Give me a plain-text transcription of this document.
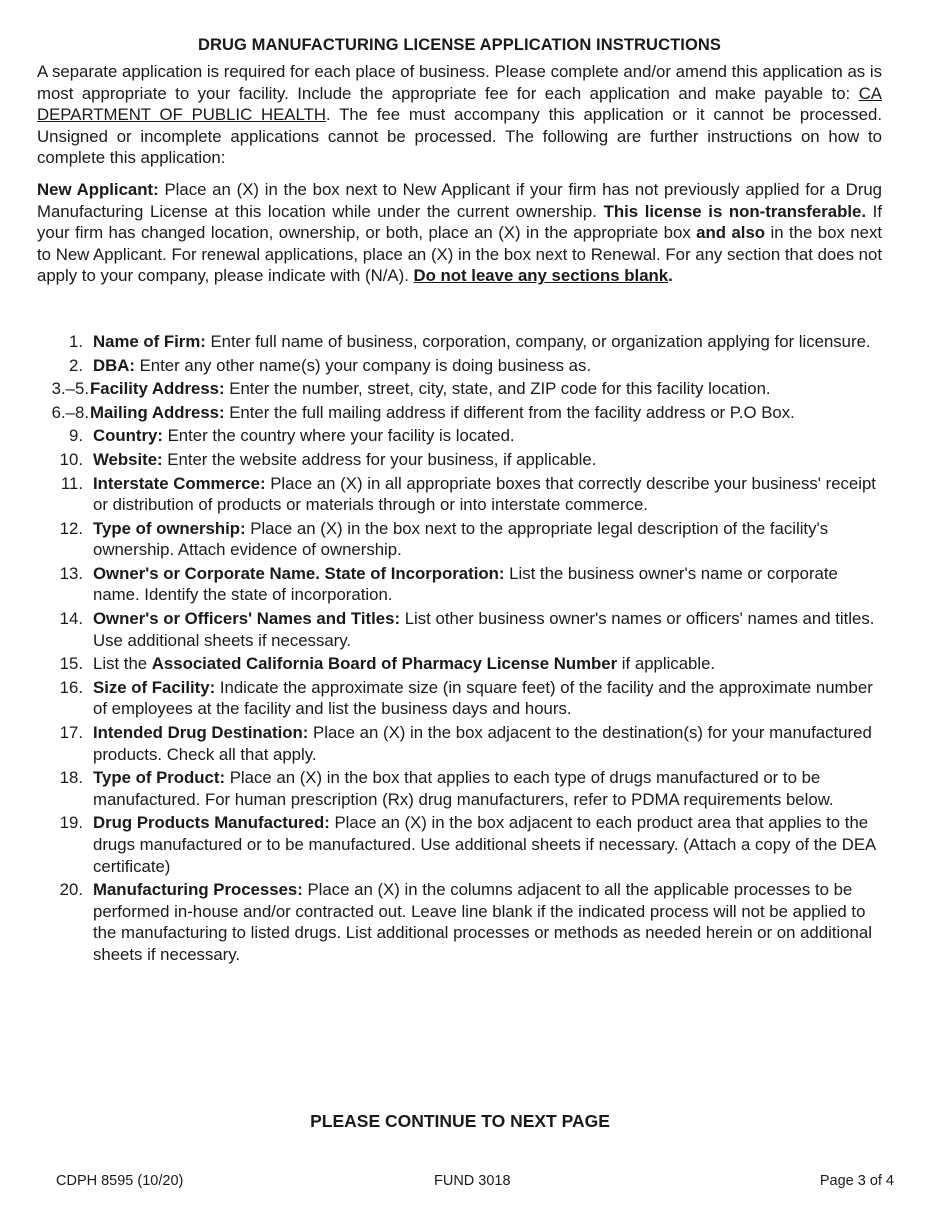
DRUG MANUFACTURING LICENSE APPLICATION INSTRUCTIONS

A separate application is required for each place of business. Please complete and/or amend this application as is most appropriate to your facility. Include the appropriate fee for each application and make payable to: CA DEPARTMENT OF PUBLIC HEALTH. The fee must accompany this application or it cannot be processed. Unsigned or incomplete applications cannot be processed. The following are further instructions on how to complete this application:

New Applicant: Place an (X) in the box next to New Applicant if your firm has not previously applied for a Drug Manufacturing License at this location while under the current ownership. This license is non-transferable. If your firm has changed location, ownership, or both, place an (X) in the appropriate box and also in the box next to New Applicant. For renewal applications, place an (X) in the box next to Renewal. For any section that does not apply to your company, please indicate with (N/A). Do not leave any sections blank.

1. Name of Firm: Enter full name of business, corporation, company, or organization applying for licensure.
2. DBA: Enter any other name(s) your company is doing business as.
3.–5. Facility Address: Enter the number, street, city, state, and ZIP code for this facility location.
6.–8. Mailing Address: Enter the full mailing address if different from the facility address or P.O Box.
9. Country: Enter the country where your facility is located.
10. Website: Enter the website address for your business, if applicable.
11. Interstate Commerce: Place an (X) in all appropriate boxes that correctly describe your business' receipt or distribution of products or materials through or into interstate commerce.
12. Type of ownership: Place an (X) in the box next to the appropriate legal description of the facility's ownership. Attach evidence of ownership.
13. Owner's or Corporate Name. State of Incorporation: List the business owner's name or corporate name. Identify the state of incorporation.
14. Owner's or Officers' Names and Titles: List other business owner's names or officers' names and titles. Use additional sheets if necessary.
15. List the Associated California Board of Pharmacy License Number if applicable.
16. Size of Facility: Indicate the approximate size (in square feet) of the facility and the approximate number of employees at the facility and list the business days and hours.
17. Intended Drug Destination: Place an (X) in the box adjacent to the destination(s) for your manufactured products. Check all that apply.
18. Type of Product: Place an (X) in the box that applies to each type of drugs manufactured or to be manufactured. For human prescription (Rx) drug manufacturers, refer to PDMA requirements below.
19. Drug Products Manufactured: Place an (X) in the box adjacent to each product area that applies to the drugs manufactured or to be manufactured. Use additional sheets if necessary. (Attach a copy of the DEA certificate)
20. Manufacturing Processes: Place an (X) in the columns adjacent to all the applicable processes to be performed in-house and/or contracted out. Leave line blank if the indicated process will not be applied to the manufacturing to listed drugs. List additional processes or methods as needed herein or on additional sheets if necessary.
PLEASE CONTINUE TO NEXT PAGE
CDPH 8595 (10/20)	FUND 3018	Page 3 of 4
